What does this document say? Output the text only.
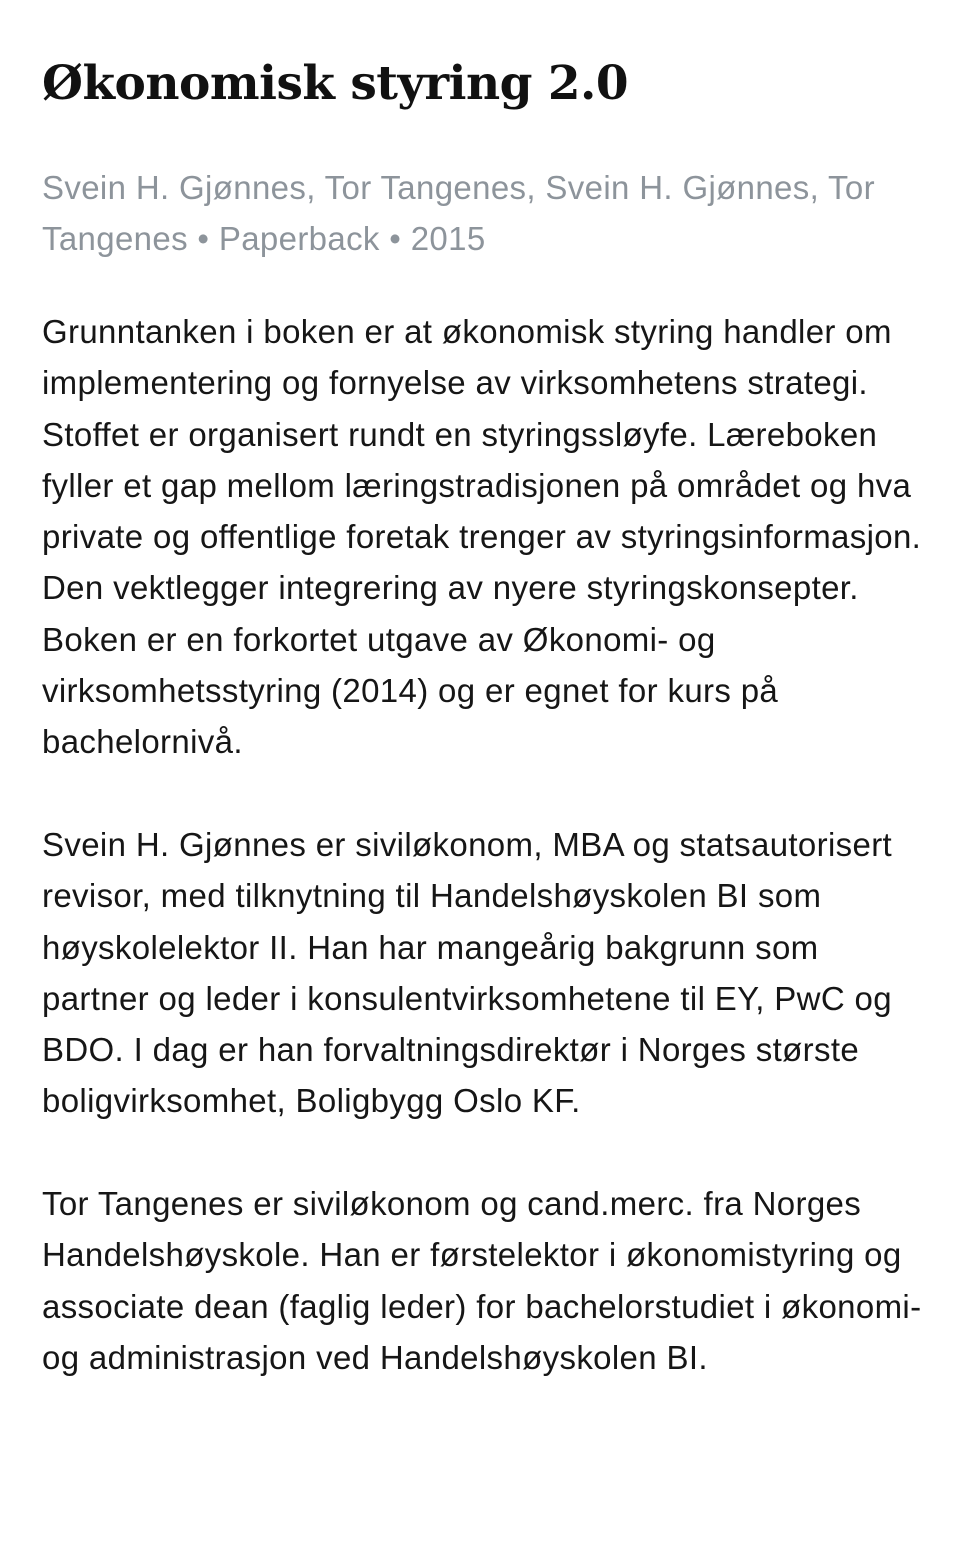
Økonomisk styring 2.0
Svein H. Gjønnes, Tor Tangenes, Svein H. Gjønnes, Tor Tangenes • Paperback • 2015

Grunntanken i boken er at økonomisk styring handler om implementering og fornyelse av virksomhetens strategi. Stoffet er organisert rundt en styringssløyfe. Læreboken fyller et gap mellom læringstradisjonen på området og hva private og offentlige foretak trenger av styringsinformasjon. Den vektlegger integrering av nyere styringskonsepter. Boken er en forkortet utgave av Økonomi- og virksomhetsstyring (2014) og er egnet for kurs på bachelornivå.

Svein H. Gjønnes er siviløkonom, MBA og statsautorisert revisor, med tilknytning til Handelshøyskolen BI som høyskolelektor II. Han har mangeårig bakgrunn som partner og leder i konsulentvirksomhetene til EY, PwC og BDO. I dag er han forvaltningsdirektør i Norges største boligvirksomhet, Boligbygg Oslo KF.

Tor Tangenes er siviløkonom og cand.merc. fra Norges Handelshøyskole. Han er førstelektor i økonomistyring og associate dean (faglig leder) for bachelorstudiet i økonomi- og administrasjon ved Handelshøyskolen BI.
